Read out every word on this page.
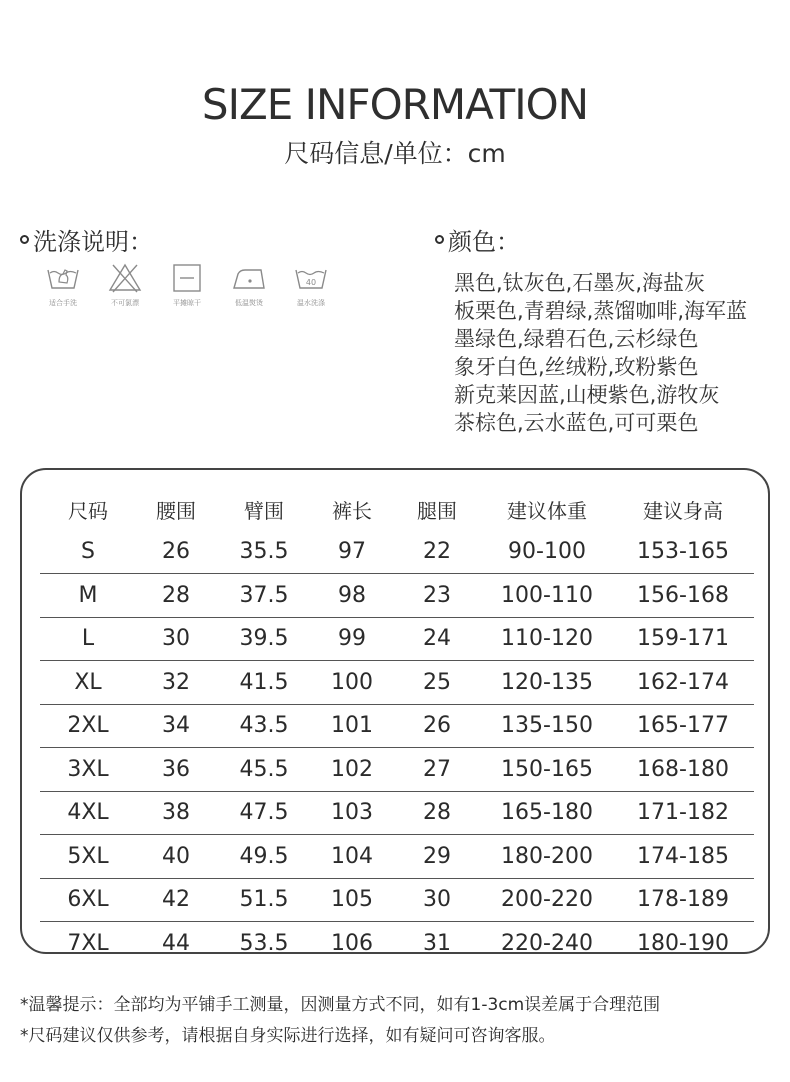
SIZE INFORMATION
尺码信息/单位：cm
洗涤说明：
适合手洗	不可氯漂	平摊晾干	低温熨烫
40
温水洗涤
颜色：
黑色,钛灰色,石墨灰,海盐灰
板栗色,青碧绿,蒸馏咖啡,海军蓝
墨绿色,绿碧石色,云杉绿色
象牙白色,丝绒粉,玫粉紫色
新克莱因蓝,山梗紫色,游牧灰
茶棕色,云水蓝色,可可栗色
尺码	腰围	臂围	裤长	腿围	建议体重	建议身高
S	26	35.5	97	22	90-100	153-165
M	28	37.5	98	23	100-110	156-168
L	30	39.5	99	24	110-120	159-171
XL	32	41.5	100	25	120-135	162-174
2XL	34	43.5	101	26	135-150	165-177
3XL	36	45.5	102	27	150-165	168-180
4XL	38	47.5	103	28	165-180	171-182
5XL	40	49.5	104	29	180-200	174-185
6XL	42	51.5	105	30	200-220	178-189
7XL	44	53.5	106	31	220-240	180-190
*温馨提示：全部均为平铺手工测量，因测量方式不同，如有1-3cm误差属于合理范围
*尺码建议仅供参考，请根据自身实际进行选择，如有疑问可咨询客服。
